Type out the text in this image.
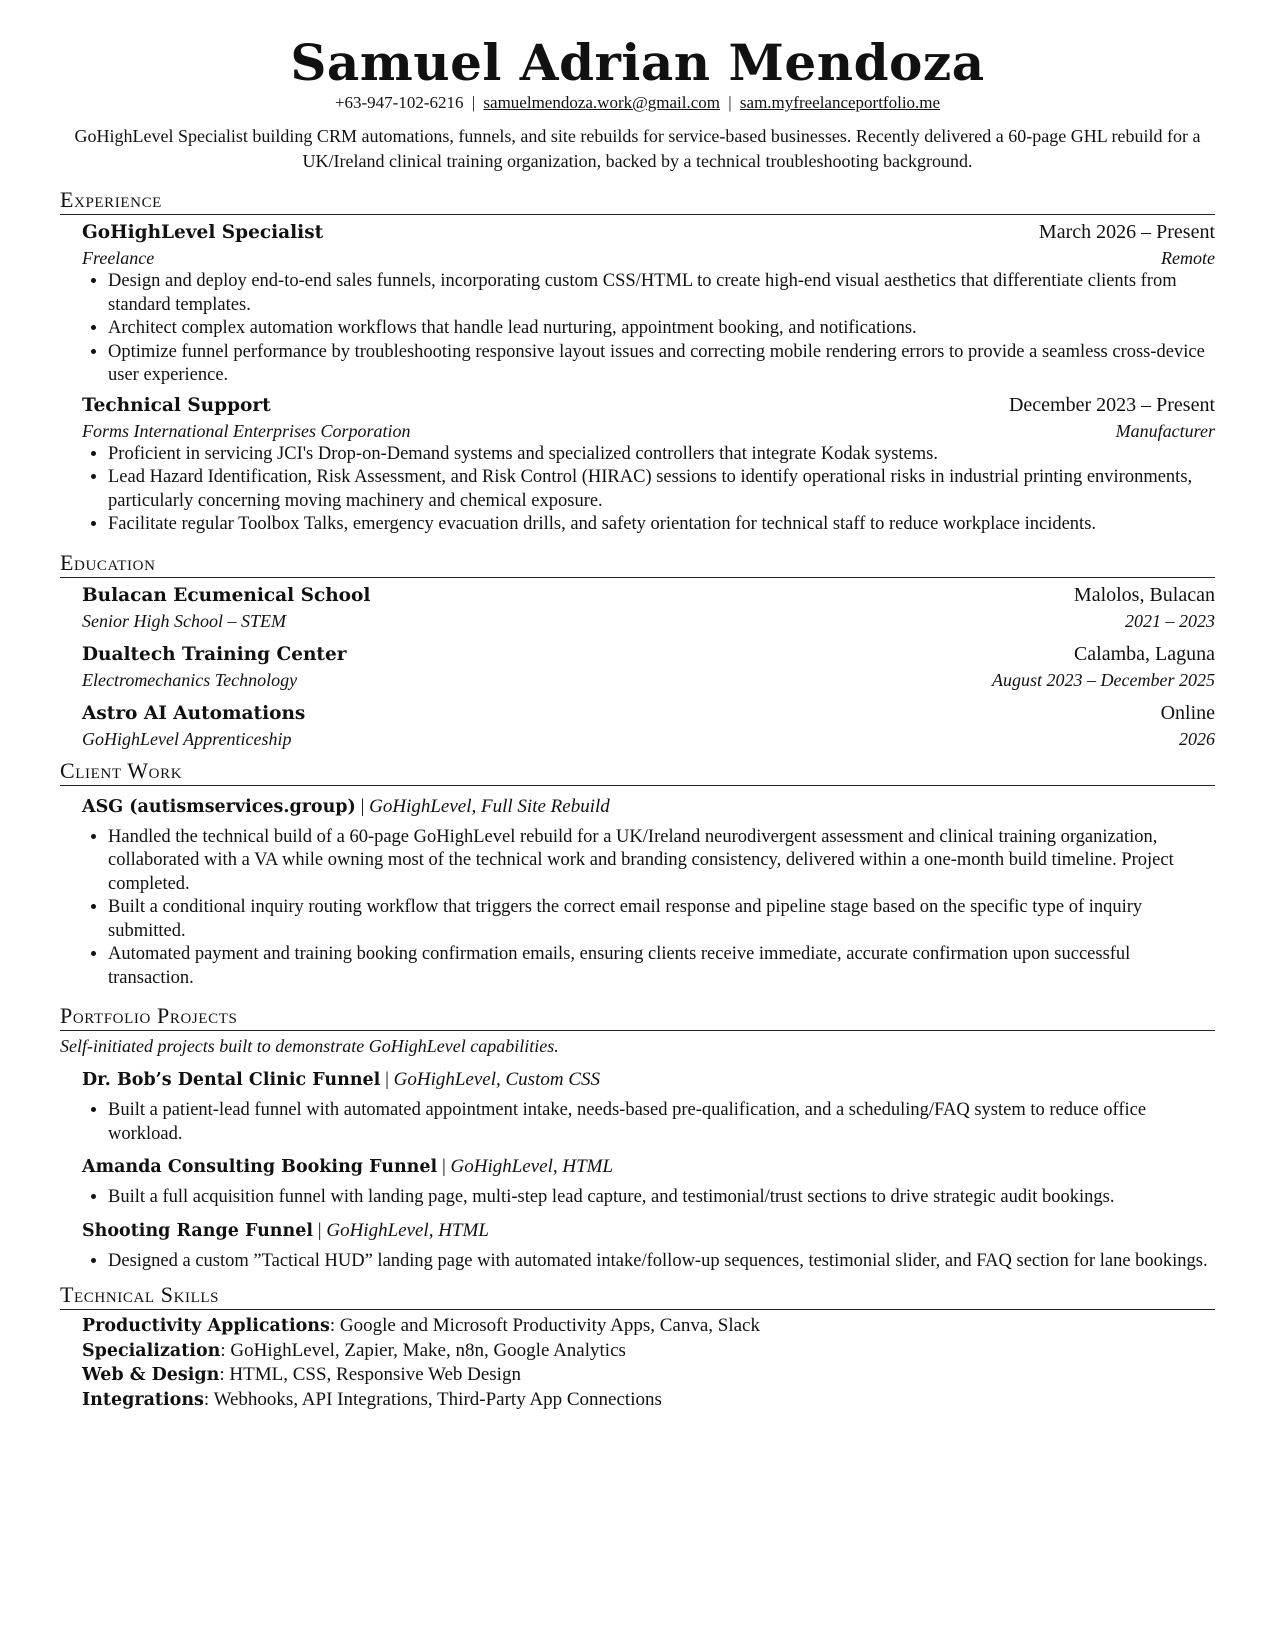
Samuel Adrian Mendoza
+63-947-102-6216 | samuelmendoza.work@gmail.com | sam.myfreelanceportfolio.me
GoHighLevel Specialist building CRM automations, funnels, and site rebuilds for service-based businesses. Recently delivered a 60-page GHL rebuild for a UK/Ireland clinical training organization, backed by a technical troubleshooting background.
Experience
GoHighLevel Specialist	March 2026 – Present
Freelance	Remote
• Design and deploy end-to-end sales funnels, incorporating custom CSS/HTML to create high-end visual aesthetics that differentiate clients from standard templates.
• Architect complex automation workflows that handle lead nurturing, appointment booking, and notifications.
• Optimize funnel performance by troubleshooting responsive layout issues and correcting mobile rendering errors to provide a seamless cross-device user experience.
Technical Support	December 2023 – Present
Forms International Enterprises Corporation	Manufacturer
• Proficient in servicing JCI's Drop-on-Demand systems and specialized controllers that integrate Kodak systems.
• Lead Hazard Identification, Risk Assessment, and Risk Control (HIRAC) sessions to identify operational risks in industrial printing environments, particularly concerning moving machinery and chemical exposure.
• Facilitate regular Toolbox Talks, emergency evacuation drills, and safety orientation for technical staff to reduce workplace incidents.
Education
Bulacan Ecumenical School	Malolos, Bulacan
Senior High School – STEM	2021 – 2023
Dualtech Training Center	Calamba, Laguna
Electromechanics Technology	August 2023 – December 2025
Astro AI Automations	Online
GoHighLevel Apprenticeship	2026
Client Work
ASG (autismservices.group) | GoHighLevel, Full Site Rebuild
• Handled the technical build of a 60-page GoHighLevel rebuild for a UK/Ireland neurodivergent assessment and clinical training organization, collaborated with a VA while owning most of the technical work and branding consistency, delivered within a one-month build timeline. Project completed.
• Built a conditional inquiry routing workflow that triggers the correct email response and pipeline stage based on the specific type of inquiry submitted.
• Automated payment and training booking confirmation emails, ensuring clients receive immediate, accurate confirmation upon successful transaction.
Portfolio Projects
Self-initiated projects built to demonstrate GoHighLevel capabilities.
Dr. Bob’s Dental Clinic Funnel | GoHighLevel, Custom CSS
• Built a patient-lead funnel with automated appointment intake, needs-based pre-qualification, and a scheduling/FAQ system to reduce office workload.
Amanda Consulting Booking Funnel | GoHighLevel, HTML
• Built a full acquisition funnel with landing page, multi-step lead capture, and testimonial/trust sections to drive strategic audit bookings.
Shooting Range Funnel | GoHighLevel, HTML
• Designed a custom ”Tactical HUD” landing page with automated intake/follow-up sequences, testimonial slider, and FAQ section for lane bookings.
Technical Skills
Productivity Applications: Google and Microsoft Productivity Apps, Canva, Slack
Specialization: GoHighLevel, Zapier, Make, n8n, Google Analytics
Web & Design: HTML, CSS, Responsive Web Design
Integrations: Webhooks, API Integrations, Third-Party App Connections
